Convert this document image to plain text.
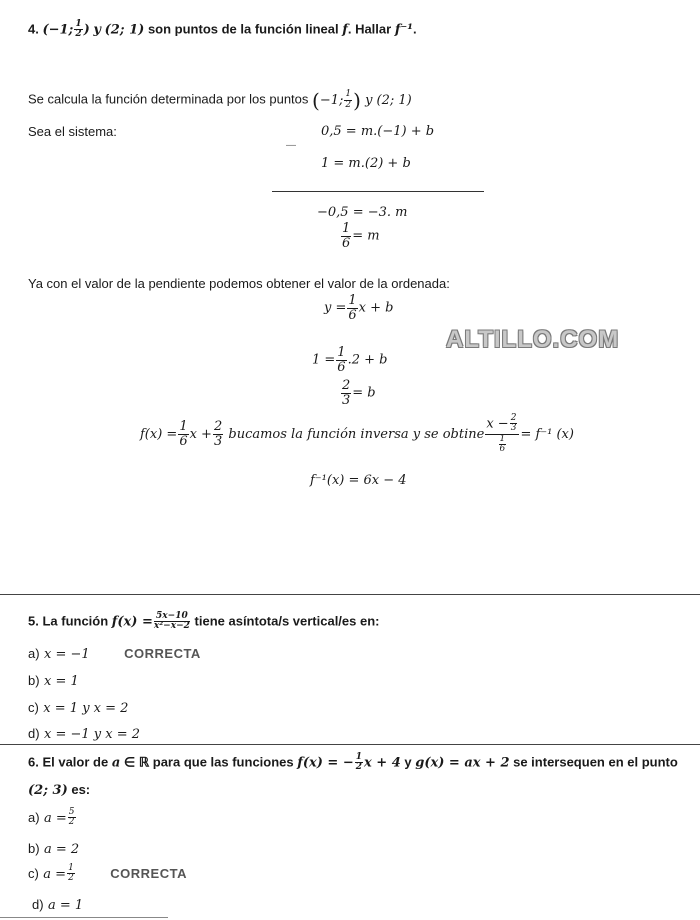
4. (−1; $\frac{1}{2}$ ) y (2; 1) son puntos de la función lineal f. Hallar f⁻¹.
Se calcula la función determinada por los puntos (−1; $\frac{1}{2}$ ) y (2; 1)
Sea el sistema:	0,5 = m.(−1) + b
—
1 = m.(2) + b
−0,5 = −3. m
$\frac{1}{6} = m$
Ya con el valor de la pendiente podemos obtener el valor de la ordenada:
$y = \frac{1}{6}$ x + b
ALTILLO.COM
$1 = \frac{1}{6} .2 + b$
$\frac{2}{3} = b$
$f(x) = \frac{1}{6}$ $x + \frac{2}{3}$ bucamos la función inversa y se obtine $\frac{x - \frac{2}{3}}{\frac{1}{6}} = f^{-1}$ (x)
f⁻¹(x) = 6x − 4
5. La función $f(x) = \frac{5x-10}{\text{x²−x−2}}$ tiene asíntota/s vertical/es en:
a) x = −1	CORRECTA
b) x = 1
c) x = 1 y x = 2
d) x = −1 y x = 2
6. El valor de a ∈ ℝ para que las funciones f(x) = − $\frac{1}{2}$ x + 4 y g(x) = ax + 2 se intersequen en el punto
(2; 3) es:
a) $a = \frac{5}{2}$
b) a = 2
c) $a = \frac{1}{2}$	CORRECTA
d) a = 1
